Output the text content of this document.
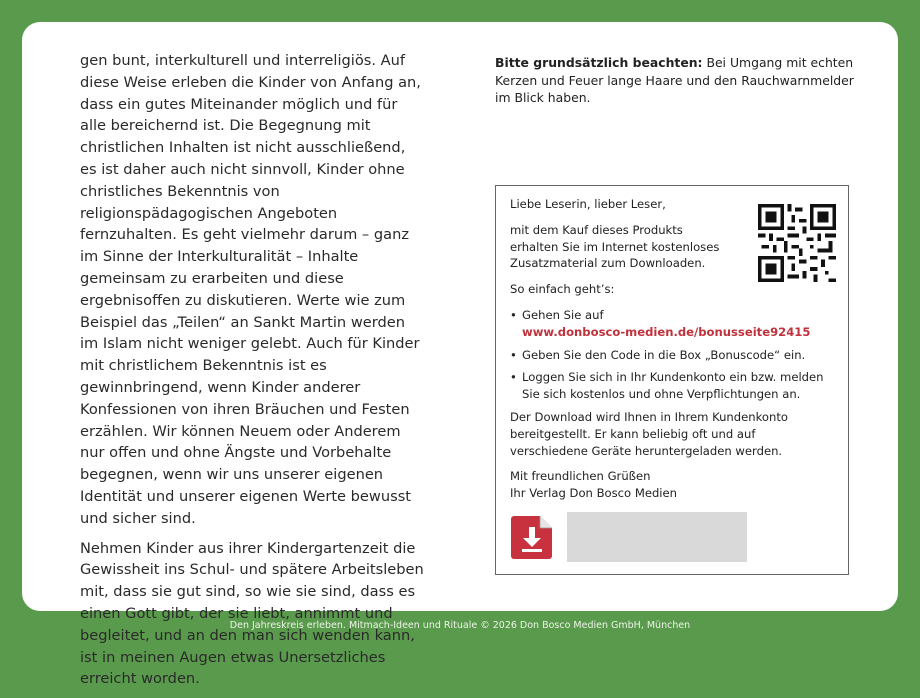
gen bunt, interkulturell und interreligiös. Auf diese Weise erleben die Kinder von Anfang an, dass ein gutes Miteinander möglich und für alle bereichernd ist. Die Begegnung mit christlichen Inhalten ist nicht ausschließend, es ist daher auch nicht sinnvoll, Kinder ohne christliches Bekenntnis von religionspädagogischen Angeboten fernzuhalten. Es geht vielmehr darum – ganz im Sinne der Interkulturalität – Inhalte gemeinsam zu erarbeiten und diese ergebnisoffen zu diskutieren. Werte wie zum Beispiel das „Teilen“ an Sankt Martin werden im Islam nicht weniger gelebt. Auch für Kinder mit christlichem Bekenntnis ist es gewinnbringend, wenn Kinder anderer Konfessionen von ihren Bräuchen und Festen erzählen. Wir können Neuem oder Anderem nur offen und ohne Ängste und Vorbehalte begegnen, wenn wir uns unserer eigenen Identität und unserer eigenen Werte bewusst und sicher sind.

Nehmen Kinder aus ihrer Kindergartenzeit die Gewissheit ins Schul- und spätere Arbeitsleben mit, dass sie gut sind, so wie sie sind, dass es einen Gott gibt, der sie liebt, annimmt und begleitet, und an den man sich wenden kann, ist in meinen Augen etwas Unersetzliches erreicht worden.

Bitte grundsätzlich beachten: Bei Umgang mit echten Kerzen und Feuer lange Haare und den Rauchwarnmelder im Blick haben.

Liebe Leserin, lieber Leser,

mit dem Kauf dieses Produkts erhalten Sie im Internet kostenloses Zusatzmaterial zum Downloaden.

So einfach geht’s:

• Gehen Sie auf
www.donbosco-medien.de/bonusseite92415
• Geben Sie den Code in die Box „Bonuscode“ ein.
• Loggen Sie sich in Ihr Kundenkonto ein bzw. melden Sie sich kostenlos und ohne Verpflichtungen an.

Der Download wird Ihnen in Ihrem Kundenkonto bereitgestellt. Er kann beliebig oft und auf verschiedene Geräte heruntergeladen werden.

Mit freundlichen Grüßen

Ihr Verlag Don Bosco Medien

Den Jahreskreis erleben. Mitmach-Ideen und Rituale © 2026 Don Bosco Medien GmbH, München
